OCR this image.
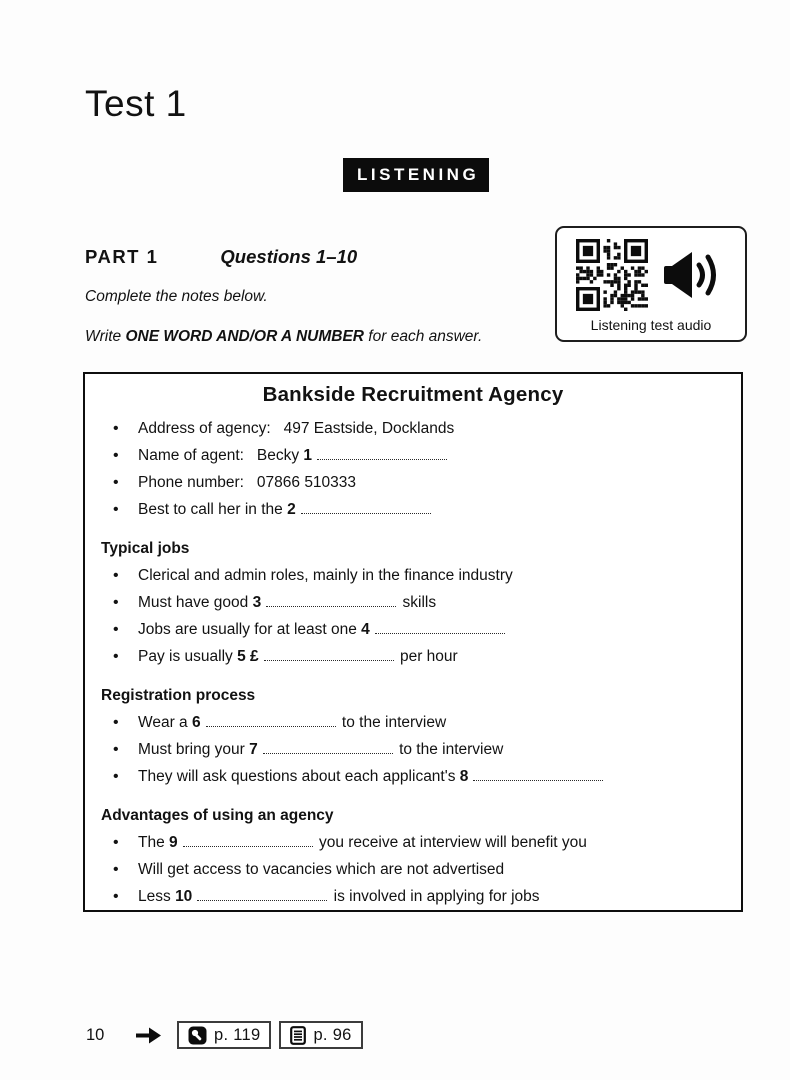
Test 1
LISTENING
PART 1	Questions 1–10
Complete the notes below.
Write ONE WORD AND/OR A NUMBER for each answer.
Listening test audio
Bankside Recruitment Agency
• Address of agency:   497 Eastside, Docklands
• Name of agent:   Becky 1
• Phone number:   07866 510333
• Best to call her in the 2
Typical jobs
• Clerical and admin roles, mainly in the finance industry
• Must have good 3	skills
• Jobs are usually for at least one 4
• Pay is usually 5 £	per hour
Registration process
• Wear a 6	to the interview
• Must bring your 7	to the interview
• They will ask questions about each applicant's 8
Advantages of using an agency
• The 9	you receive at interview will benefit you
• Will get access to vacancies which are not advertised
• Less 10	is involved in applying for jobs
10	p. 119	p. 96
